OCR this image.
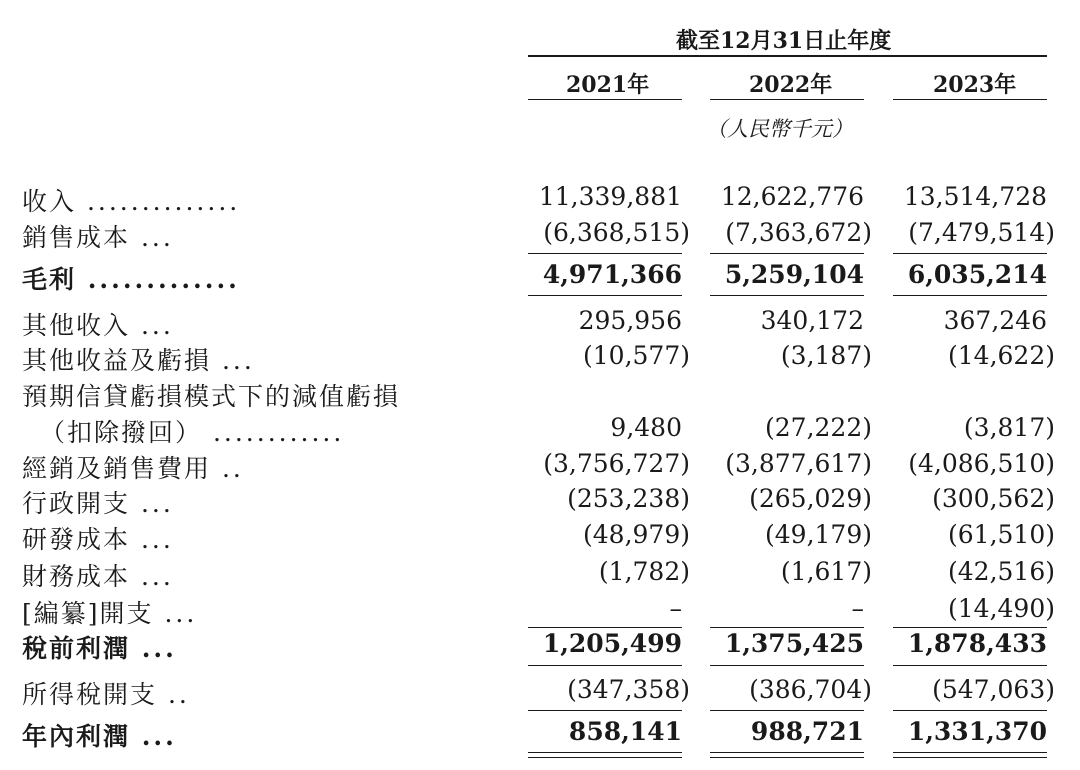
截至12月31日止年度
2021年	2022年	2023年
（人民幣千元）
收入 ..............	11,339,881 12,622,776 13,514,728
銷售成本 ...	(6,368,515) (7,363,672) (7,479,514)
毛利 .............	4,971,366 5,259,104 6,035,214
其他收入 ...	295,956	340,172	367,246
其他收益及虧損 ...	(10,577)	(3,187)	(14,622)
預期信貸虧損模式下的減值虧損
（扣除撥回） ............	9,480	(27,222)	(3,817)
經銷及銷售費用 ..	(3,756,727) (3,877,617) (4,086,510)
行政開支 ...	(253,238) (265,029) (300,562)
研發成本 ...	(48,979)	(49,179)	(61,510)
財務成本 ...	(1,782)	(1,617)	(42,516)
[編纂]開支 ...	–	–	(14,490)
稅前利潤 ...	1,205,499 1,375,425 1,878,433
所得稅開支 ..	(347,358) (386,704) (547,063)
年內利潤 ...	858,141	988,721 1,331,370
